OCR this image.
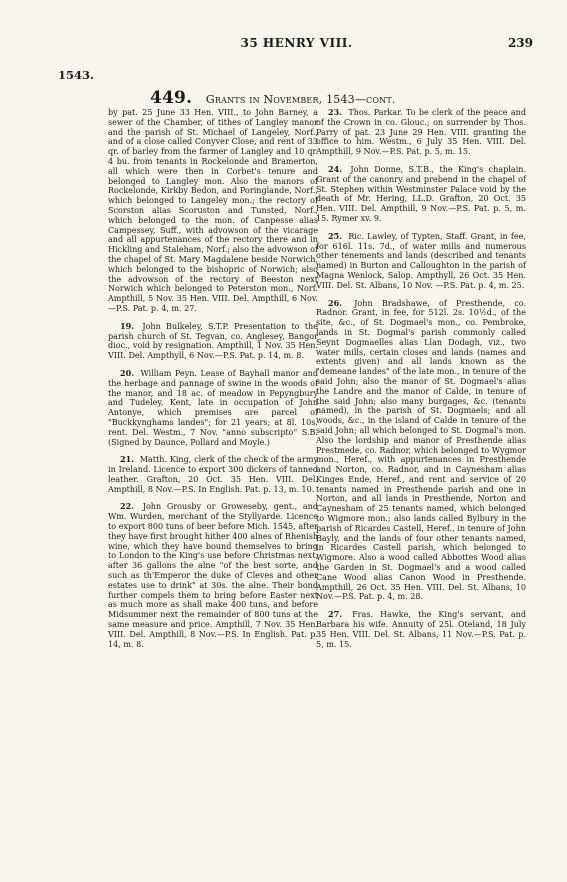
35 HENRY VIII.	239
1543.
449. Grants in November, 1543—cont.

by pat. 25 June 33 Hen. VIII., to John Barney, a sewer of the Chamber, of tithes of Langley manor and the parish of St. Michael of Langeley, Norf., and of a close called Conyver Close, and rent of 33 qr. of barley from the farmer of Langley and 10 qr. 4 bu. from tenants in Rockelonde and Bramerton, all which were then in Corbet's tenure and belonged to Langley mon. Also the manors of Rockelonde, Kirkby Bedon, and Poringlande, Norf., which belonged to Langeley mon.; the rectory of Scorston alias Scoruston and Tunsted, Norf., which belonged to the mon. of Canpesse alias Campessey, Suff., with advowson of the vicarage and all appurtenances of the rectory there and in Hickling and Staleham, Norf.; also the advowson of the chapel of St. Mary Magdalene beside Norwich, which belonged to the bishopric of Norwich; also the advowson of the rectory of Beeston next Norwich which belonged to Peterston mon., Norf. Ampthill, 5 Nov. 35 Hen. VIII. Del. Ampthill, 6 Nov.—P.S. Pat. p. 4, m. 27.

19. John Bulkeley, S.T.P. Presentation to the parish church of St. Tegvan, co. Anglesey, Bangor dioc., void by resignation. Ampthill, 1 Nov. 35 Hen. VIII. Del. Ampthyll, 6 Nov.—P.S. Pat. p. 14, m. 8.

20. William Peyn. Lease of Bayhall manor and the herbage and pannage of swine in the woods of the manor, and 18 ac. of meadow in Pepyngbury and Tudeley, Kent, late in occupation of John Antonye, which premises are parcel of "Buckkynghams landes"; for 21 years; at 8l. 10s. rent. Del. Westm., 7 Nov. "anno subscripto" S.B. (Signed by Daunce, Pollard and Moyle.)

21. Matth. King, clerk of the check of the army in Ireland. Licence to export 300 dickers of tanned leather. Grafton, 20 Oct. 35 Hen. VIII. Del. Ampthill, 8 Nov.—P.S. In English. Pat. p. 13, m. 10.

22. John Grousby or Groweseby, gent., and Wm. Wurden, merchant of the Styllyarde. Licence to export 800 tuns of beer before Mich. 1545, after they have first brought hither 400 alnes of Rhenish wine, which they have bound themselves to bring to London to the King's use before Christmas next, after 36 gallons the alne "of the best sorte, and such as th'Emperor the duke of Cleves and other estates use to drink" at 30s. the alne. Their bond further compels them to bring before Easter next as much more as shall make 400 tuns, and before Midsummer next the remainder of 800 tuns at the same measure and price. Ampthill, 7 Nov. 35 Hen. VIII. Del. Ampthill, 8 Nov.—P.S. In English. Pat. p. 14, m. 8.

23. Thos. Parkar. To be clerk of the peace and of the Crown in co. Glouc.; on surrender by Thos. Parry of pat. 23 June 29 Hen. VIII. granting the office to him. Westm., 6 July 35 Hen. VIII. Del. Ampthill, 9 Nov.—P.S. Pat. p. 5, m. 15.

24. John Donne, S.T.B., the King's chaplain. Grant of the canonry and prebend in the chapel of St. Stephen within Westminster Palace void by the death of Mr. Hering, LL.D. Grafton, 20 Oct. 35 Hen. VIII. Del. Ampthill, 9 Nov.—P.S. Pat. p. 5, m. 15. Rymer xv. 9.

25. Ric. Lawley, of Typten, Staff. Grant, in fee, for 616l. 11s. 7d., of water mills and numerous other tenements and lands (described and tenants named) in Burton and Calloughton in the parish of Magna Wenlock, Salop. Ampthyll, 26 Oct. 35 Hen. VIII. Del. St. Albans, 10 Nov. —P.S. Pat. p. 4, m. 25.

26. John Bradshawe, of Presthende, co. Radnor. Grant, in fee, for 512l. 2s. 10½d., of the site, &c., of St. Dogmael's mon., co. Pembroke, lands in St. Dogmal's parish commonly called Seynt Dogmaelles alias Llan Dodagh, viz., two water mills, certain closes and lands (names and extents given) and all lands known as the "demeane landes" of the late mon., in tenure of the said John; also the manor of St. Dogmael's alias the Landre and the manor of Calde, in tenure of the said John; also many burgages, &c. (tenants named), in the parish of St. Dogmaels; and all woods, &c., in the island of Calde in tenure of the said John; all which belonged to St. Dogmal's mon. Also the lordship and manor of Presthende alias Prestmede, co. Radnor, which belonged to Wygmor mon., Heref., with appurtenances in Presthende and Norton, co. Radnor, and in Caynesham alias Kinges Ende, Heref., and rent and service of 20 tenants named in Presthende parish and one in Norton, and all lands in Presthende, Norton and Caynesham of 25 tenants named, which belonged to Wigmore mon.; also lands called Bylbury in the parish of Ricardes Castell, Heref., in tenure of John Bayly, and the lands of four other tenants named, in Ricardes Castell parish, which belonged to Wigmore. Also a wood called Abbottes Wood alias the Garden in St. Dogmael's and a wood called Cane Wood alias Canon Wood in Presthende. Ampthill, 26 Oct. 35 Hen. VIII. Del. St. Albans, 10 Nov.—P.S. Pat. p. 4, m. 28.

27. Fras. Hawke, the King's servant, and Barbara his wife. Annuity of 25l. Oteland, 18 July 35 Hen. VIII. Del. St. Albans, 11 Nov.—P.S. Pat. p. 5, m. 15.
